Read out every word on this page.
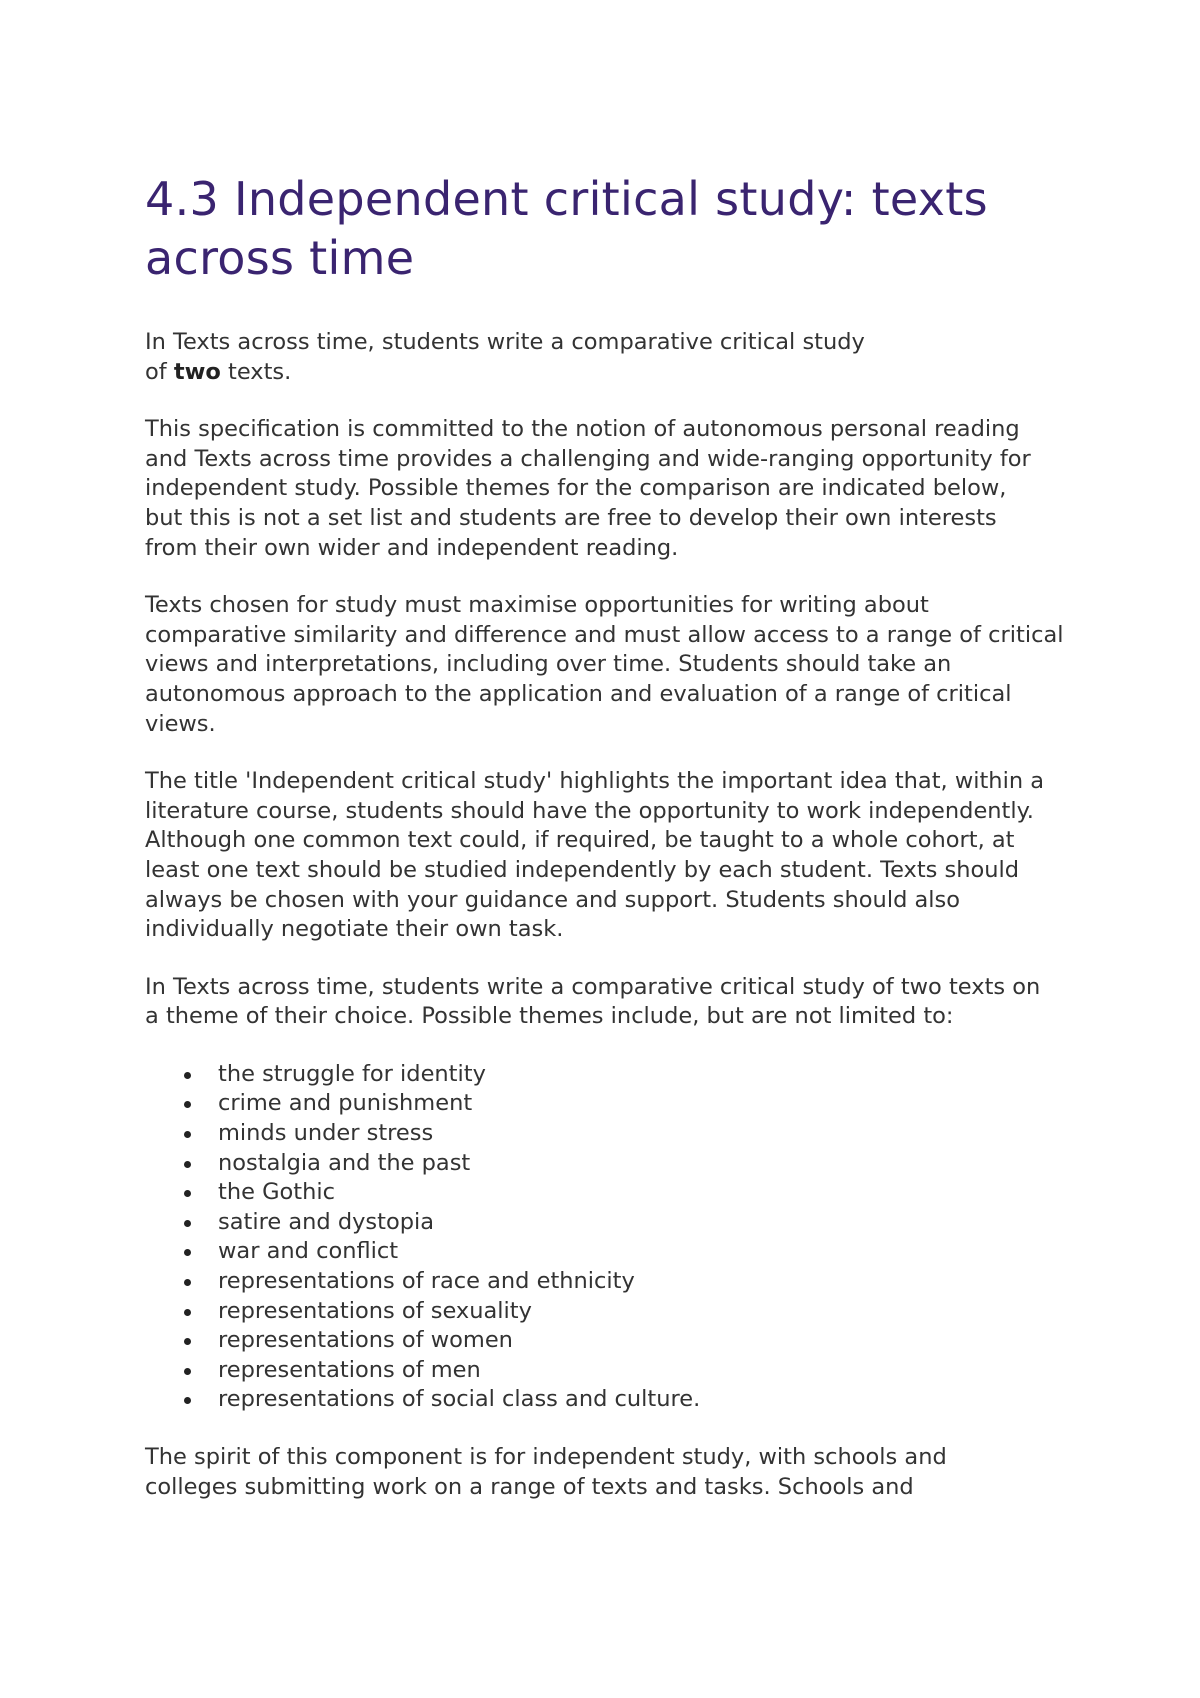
4.3 Independent critical study: texts across time

In Texts across time, students write a comparative critical study of two texts.

This specification is committed to the notion of autonomous personal reading and Texts across time provides a challenging and wide-ranging opportunity for independent study. Possible themes for the comparison are indicated below, but this is not a set list and students are free to develop their own interests from their own wider and independent reading.

Texts chosen for study must maximise opportunities for writing about comparative similarity and difference and must allow access to a range of critical views and interpretations, including over time. Students should take an autonomous approach to the application and evaluation of a range of critical views.

The title 'Independent critical study' highlights the important idea that, within a literature course, students should have the opportunity to work independently. Although one common text could, if required, be taught to a whole cohort, at least one text should be studied independently by each student. Texts should always be chosen with your guidance and support. Students should also individually negotiate their own task.

In Texts across time, students write a comparative critical study of two texts on a theme of their choice. Possible themes include, but are not limited to:

the struggle for identity
crime and punishment
minds under stress
nostalgia and the past
the Gothic
satire and dystopia
war and conflict
representations of race and ethnicity
representations of sexuality
representations of women
representations of men
representations of social class and culture.

The spirit of this component is for independent study, with schools and colleges submitting work on a range of texts and tasks. Schools and
